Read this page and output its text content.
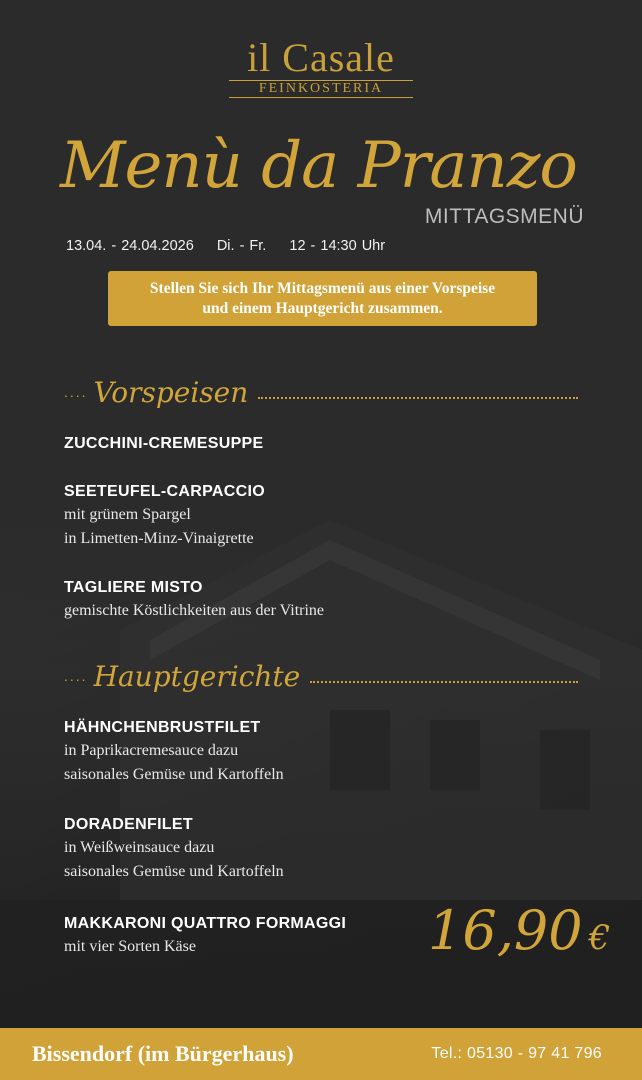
il Casale
FEINKOSTERIA
Menù da Pranzo
MITTAGSMENÜ
13.04. - 24.04.2026 Di. - Fr. 12 - 14:30 Uhr
Stellen Sie sich Ihr Mittagsmenü aus einer Vorspeise
und einem Hauptgericht zusammen.
.... Vorspeisen
ZUCCHINI-CREMESUPPE
SEETEUFEL-CARPACCIO
mit grünem Spargel
in Limetten-Minz-Vinaigrette
TAGLIERE MISTO
gemischte Köstlichkeiten aus der Vitrine
.... Hauptgerichte
HÄHNCHENBRUSTFILET
in Paprikacremesauce dazu
saisonales Gemüse und Kartoffeln
DORADENFILET
in Weißweinsauce dazu
saisonales Gemüse und Kartoffeln
MAKKARONI QUATTRO FORMAGGI
mit vier Sorten Käse	16,90 €
Bissendorf (im Bürgerhaus)	Tel.: 05130 - 97 41 796
